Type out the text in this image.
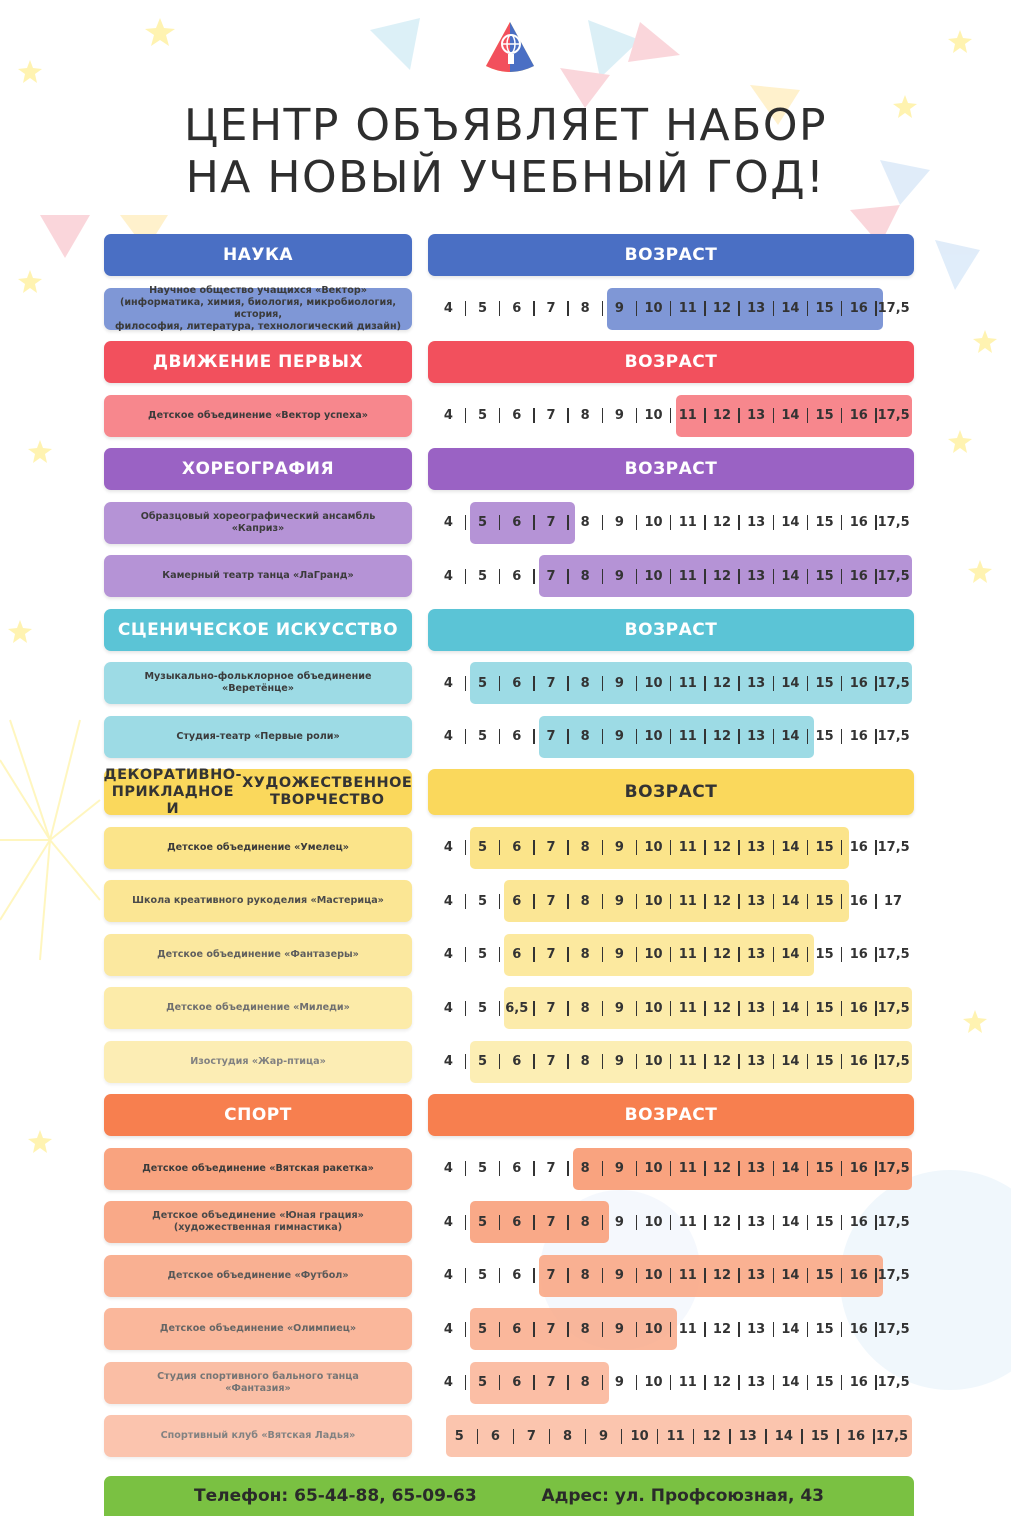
ЦЕНТР ОБЪЯВЛЯЕТ НАБОР
НА НОВЫЙ УЧЕБНЫЙ ГОД!
НАУКА	ВОЗРАСТ
Научное общество учащихся «Вектор»
(информатика, химия, биология, микробиология, история,
философия, литература, технологический дизайн)
4	5	6	7	8	9	10	11	12	13	14	15	16 17,5
ДВИЖЕНИЕ ПЕРВЫХ	ВОЗРАСТ
Детское объединение «Вектор успеха»	4	5	6	7	8	9	10	11	12	13	14	15	16 17,5
ХОРЕОГРАФИЯ	ВОЗРАСТ
Образцовый хореографический ансамбль
«Каприз»	4	5	6	7	8	9	10	11	12	13	14	15	16 17,5
Камерный театр танца «ЛаГранд»	4	5	6	7	8	9	10	11	12	13	14	15	16 17,5
СЦЕНИЧЕСКОЕ ИСКУССТВО	ВОЗРАСТ
Музыкально-фольклорное объединение
«Веретёнце»	4	5	6	7	8	9	10	11	12	13	14	15	16 17,5
Студия-театр «Первые роли»	4	5	6	7	8	9	10	11	12	13	14	15	16 17,5
ДЕКОРАТИВНО-ПРИКЛАДНОЕ И
ХУДОЖЕСТВЕННОЕ ТВОРЧЕСТВО	ВОЗРАСТ
Детское объединение «Умелец»	4	5	6	7	8	9	10	11	12	13	14	15	16 17,5
Школа креативного рукоделия «Мастерица»	4	5	6	7	8	9	10	11	12	13	14	15	16	17
Детское объединение «Фантазеры»	4	5	6	7	8	9	10	11	12	13	14	15	16 17,5
Детское объединение «Миледи»	4	5	6,5	7	8	9	10	11	12	13	14	15	16 17,5
Изостудия «Жар-птица»	4	5	6	7	8	9	10	11	12	13	14	15	16 17,5
СПОРТ	ВОЗРАСТ
Детское объединение «Вятская ракетка»	4	5	6	7	8	9	10	11	12	13	14	15	16 17,5
Детское объединение «Юная грация»
(художественная гимнастика)	4	5	6	7	8	9	10	11	12	13	14	15	16 17,5
Детское объединение «Футбол»	4	5	6	7	8	9	10	11	12	13	14	15	16 17,5
Детское объединение «Олимпиец»	4	5	6	7	8	9	10	11	12	13	14	15	16 17,5
Студия спортивного бального танца
«Фантазия»	4	5	6	7	8	9	10	11	12	13	14	15	16 17,5
Спортивный клуб «Вятская Ладья»	5	6	7	8	9	10	11	12	13	14	15	16 17,5
Телефон: 65-44-88, 65-09-63	Адрес: ул. Профсоюзная, 43
